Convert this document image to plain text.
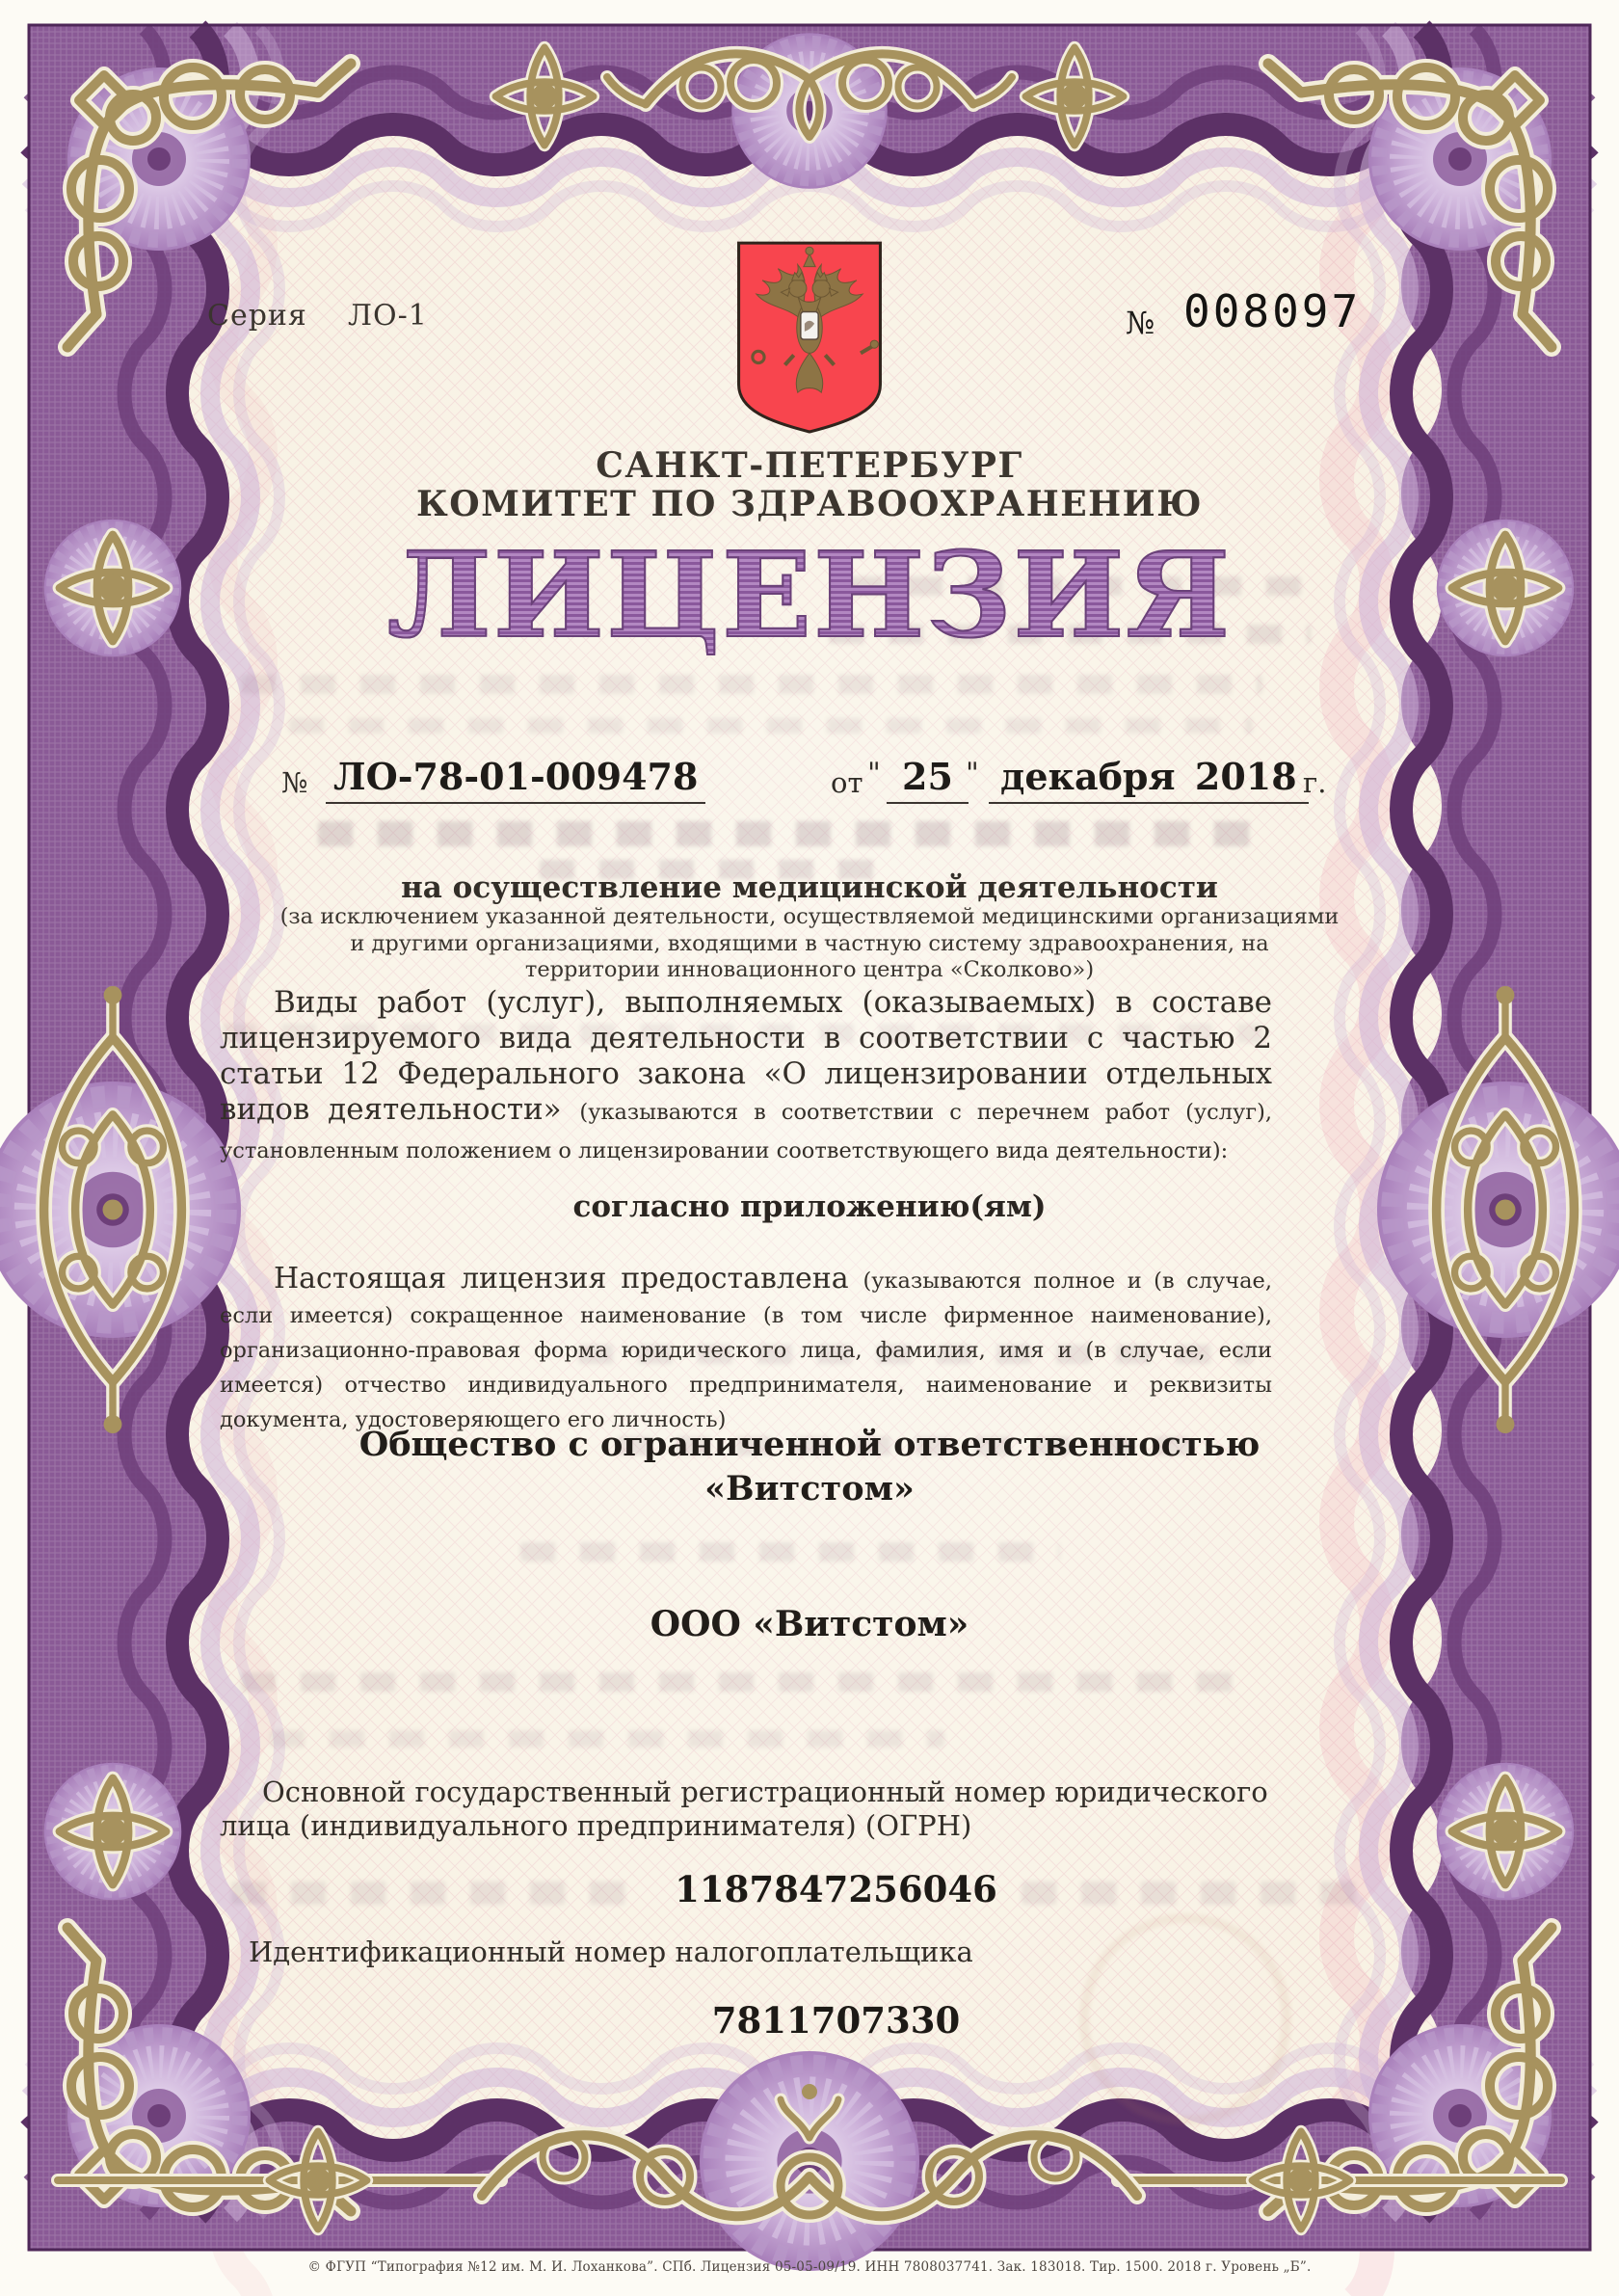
Серия ЛО-1	№ 008097
САНКТ-ПЕТЕРБУРГ
КОМИТЕТ ПО ЗДРАВООХРАНЕНИЮ
ЛИЦЕНЗИЯ
№ ЛО-78-01-009478	от " 25 " декабря 2018 г.
на осуществление медицинской деятельности
(за исключением указанной деятельности, осуществляемой медицинскими организациями и другими организациями, входящими в частную систему здравоохранения, на территории инновационного центра «Сколково»)

Виды работ (услуг), выполняемых (оказываемых) в составе лицензируемого вида деятельности в соответствии с частью 2 статьи 12 Федерального закона «О лицензировании отдельных видов деятельности» (указываются в соответствии с перечнем работ (услуг), установленным положением о лицензировании соответствующего вида деятельности):

согласно приложению(ям)

Настоящая лицензия предоставлена (указываются полное и (в случае, если имеется) сокращенное наименование (в том числе фирменное наименование), организационно-правовая форма юридического лица, фамилия, имя и (в случае, если имеется) отчество индивидуального предпринимателя, наименование и реквизиты документа, удостоверяющего его личность)

Общество с ограниченной ответственностью
«Витстом»
ООО «Витстом»

Основной государственный регистрационный номер юридического лица (индивидуального предпринимателя) (ОГРН)

1187847256046

Идентификационный номер налогоплательщика

7811707330
© ФГУП “Типография №12 им. М. И. Лоханкова”. СПб. Лицензия 05-05-09/19. ИНН 7808037741. Зак. 183018. Тир. 1500. 2018 г. Уровень „Б”.
